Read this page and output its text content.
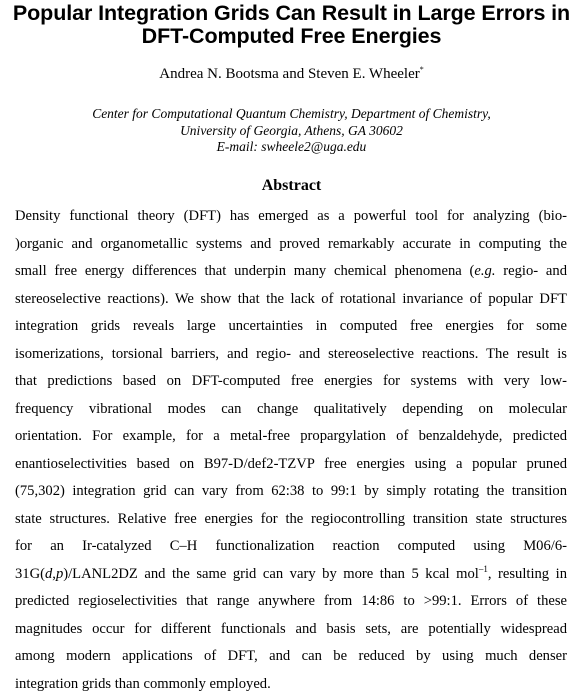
Popular Integration Grids Can Result in Large Errors in
DFT-Computed Free Energies
Andrea N. Bootsma and Steven E. Wheeler*
Center for Computational Quantum Chemistry, Department of Chemistry,
University of Georgia, Athens, GA 30602
E-mail: swheele2@uga.edu
Abstract
Density functional theory (DFT) has emerged as a powerful tool for analyzing (bio-
)organic and organometallic systems and proved remarkably accurate in computing the
small free energy differences that underpin many chemical phenomena (e.g. regio- and
stereoselective reactions). We show that the lack of rotational invariance of popular DFT
integration grids reveals large uncertainties in computed free energies for some
isomerizations, torsional barriers, and regio- and stereoselective reactions. The result is
that predictions based on DFT-computed free energies for systems with very low-
frequency vibrational modes can change qualitatively depending on molecular
orientation. For example, for a metal-free propargylation of benzaldehyde, predicted
enantioselectivities based on B97-D/def2-TZVP free energies using a popular pruned
(75,302) integration grid can vary from 62:38 to 99:1 by simply rotating the transition
state structures. Relative free energies for the regiocontrolling transition state structures
for an Ir-catalyzed C–H functionalization reaction computed using M06/6-
31G(d,p)/LANL2DZ and the same grid can vary by more than 5 kcal mol$^{-1}$, resulting in
predicted regioselectivities that range anywhere from 14:86 to >99:1. Errors of these
magnitudes occur for different functionals and basis sets, are potentially widespread
among modern applications of DFT, and can be reduced by using much denser
integration grids than commonly employed.
